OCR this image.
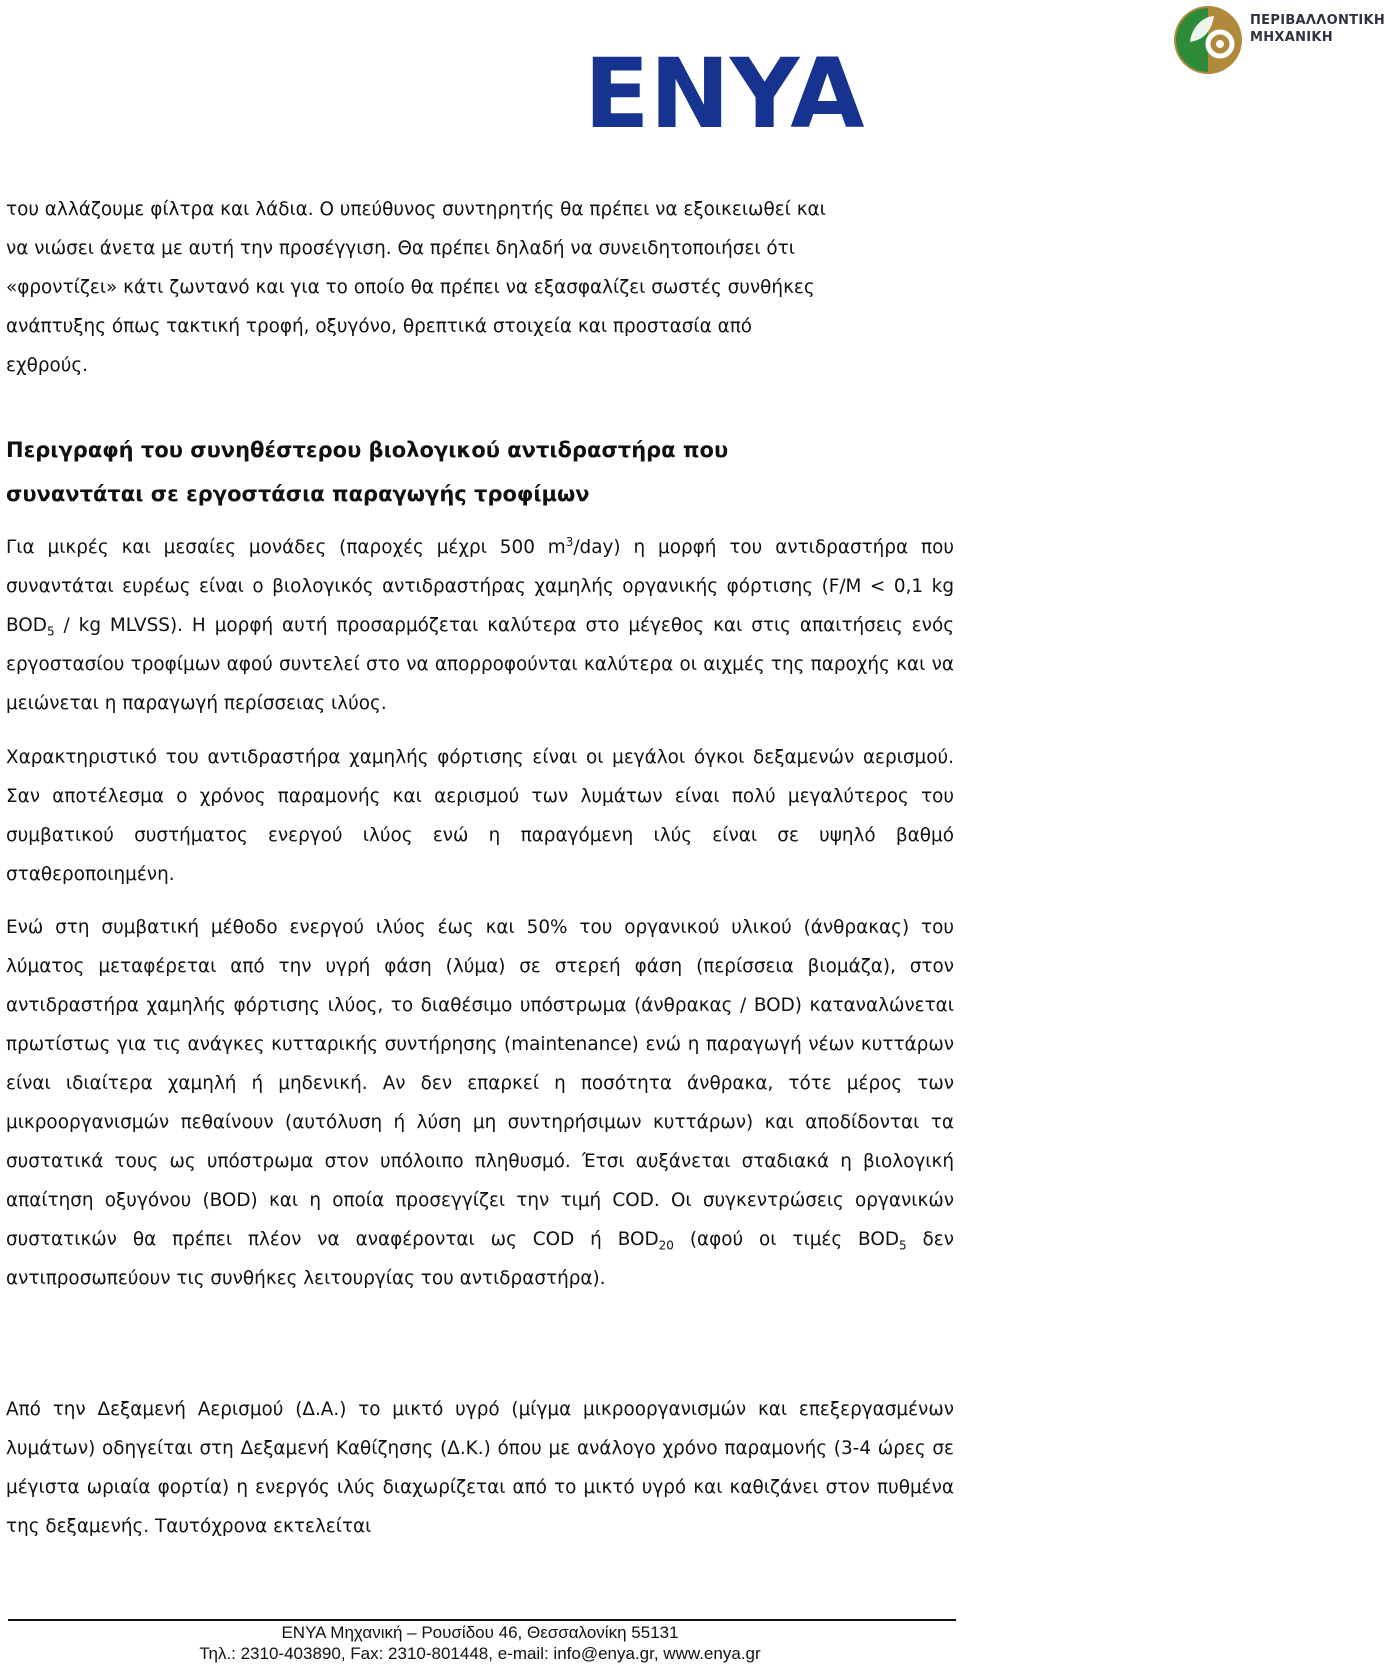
ΠΕΡΙΒΑΛΛΟΝΤΙΚΗ
ΜΗΧΑΝΙΚΗ
ENYA
του αλλάζουμε φίλτρα και λάδια. Ο υπεύθυνος συντηρητής θα πρέπει να εξοικειωθεί και
να νιώσει άνετα με αυτή την προσέγγιση. Θα πρέπει δηλαδή να συνειδητοποιήσει ότι
«φροντίζει» κάτι ζωντανό και για το οποίο θα πρέπει να εξασφαλίζει σωστές συνθήκες
ανάπτυξης όπως τακτική τροφή, οξυγόνο, θρεπτικά στοιχεία και προστασία από
εχθρούς.
Περιγραφή του συνηθέστερου βιολογικού αντιδραστήρα που
συναντάται σε εργοστάσια παραγωγής τροφίμων

Για μικρές και μεσαίες μονάδες (παροχές μέχρι 500 $m^3/day$) η μορφή του αντιδραστήρα που συναντάται ευρέως είναι ο βιολογικός αντιδραστήρας χαμηλής οργανικής φόρτισης (F/M < 0,1 kg $BOD_5$ / kg MLVSS). Η μορφή αυτή προσαρμόζεται καλύτερα στο μέγεθος και στις απαιτήσεις ενός εργοστασίου τροφίμων αφού συντελεί στο να απορροφούνται καλύτερα οι αιχμές της παροχής και να μειώνεται η παραγωγή περίσσειας ιλύος.

Χαρακτηριστικό του αντιδραστήρα χαμηλής φόρτισης είναι οι μεγάλοι όγκοι δεξαμενών αερισμού. Σαν αποτέλεσμα ο χρόνος παραμονής και αερισμού των λυμάτων είναι πολύ μεγαλύτερος του συμβατικού συστήματος ενεργού ιλύος ενώ η παραγόμενη ιλύς είναι σε υψηλό βαθμό σταθεροποιημένη.

Ενώ στη συμβατική μέθοδο ενεργού ιλύος έως και 50% του οργανικού υλικού (άνθρακας) του λύματος μεταφέρεται από την υγρή φάση (λύμα) σε στερεή φάση (περίσσεια βιομάζα), στον αντιδραστήρα χαμηλής φόρτισης ιλύος, το διαθέσιμο υπόστρωμα (άνθρακας / BOD) καταναλώνεται πρωτίστως για τις ανάγκες κυτταρικής συντήρησης (maintenance) ενώ η παραγωγή νέων κυττάρων είναι ιδιαίτερα χαμηλή ή μηδενική. Αν δεν επαρκεί η ποσότητα άνθρακα, τότε μέρος των μικροοργανισμών πεθαίνουν (αυτόλυση ή λύση μη συντηρήσιμων κυττάρων) και αποδίδονται τα συστατικά τους ως υπόστρωμα στον υπόλοιπο πληθυσμό. Έτσι αυξάνεται σταδιακά η βιολογική απαίτηση οξυγόνου (BOD) και η οποία προσεγγίζει την τιμή COD. Οι συγκεντρώσεις οργανικών συστατικών θα πρέπει πλέον να αναφέρονται ως COD ή $BOD_{20}$ (αφού οι τιμές $BOD_5$ δεν αντιπροσωπεύουν τις συνθήκες λειτουργίας του αντιδραστήρα).

Από την Δεξαμενή Αερισμού (Δ.Α.) το μικτό υγρό (μίγμα μικροοργανισμών και επεξεργασμένων λυμάτων) οδηγείται στη Δεξαμενή Καθίζησης (Δ.Κ.) όπου με ανάλογο χρόνο παραμονής (3-4 ώρες σε μέγιστα ωριαία φορτία) η ενεργός ιλύς διαχωρίζεται από το μικτό υγρό και καθιζάνει στον πυθμένα της δεξαμενής. Ταυτόχρονα εκτελείται

ΕΝΥΑ Μηχανική – Ρουσίδου 46, Θεσσαλονίκη 55131
Τηλ.: 2310-403890, Fax: 2310-801448, e-mail: info@enya.gr, www.enya.gr
